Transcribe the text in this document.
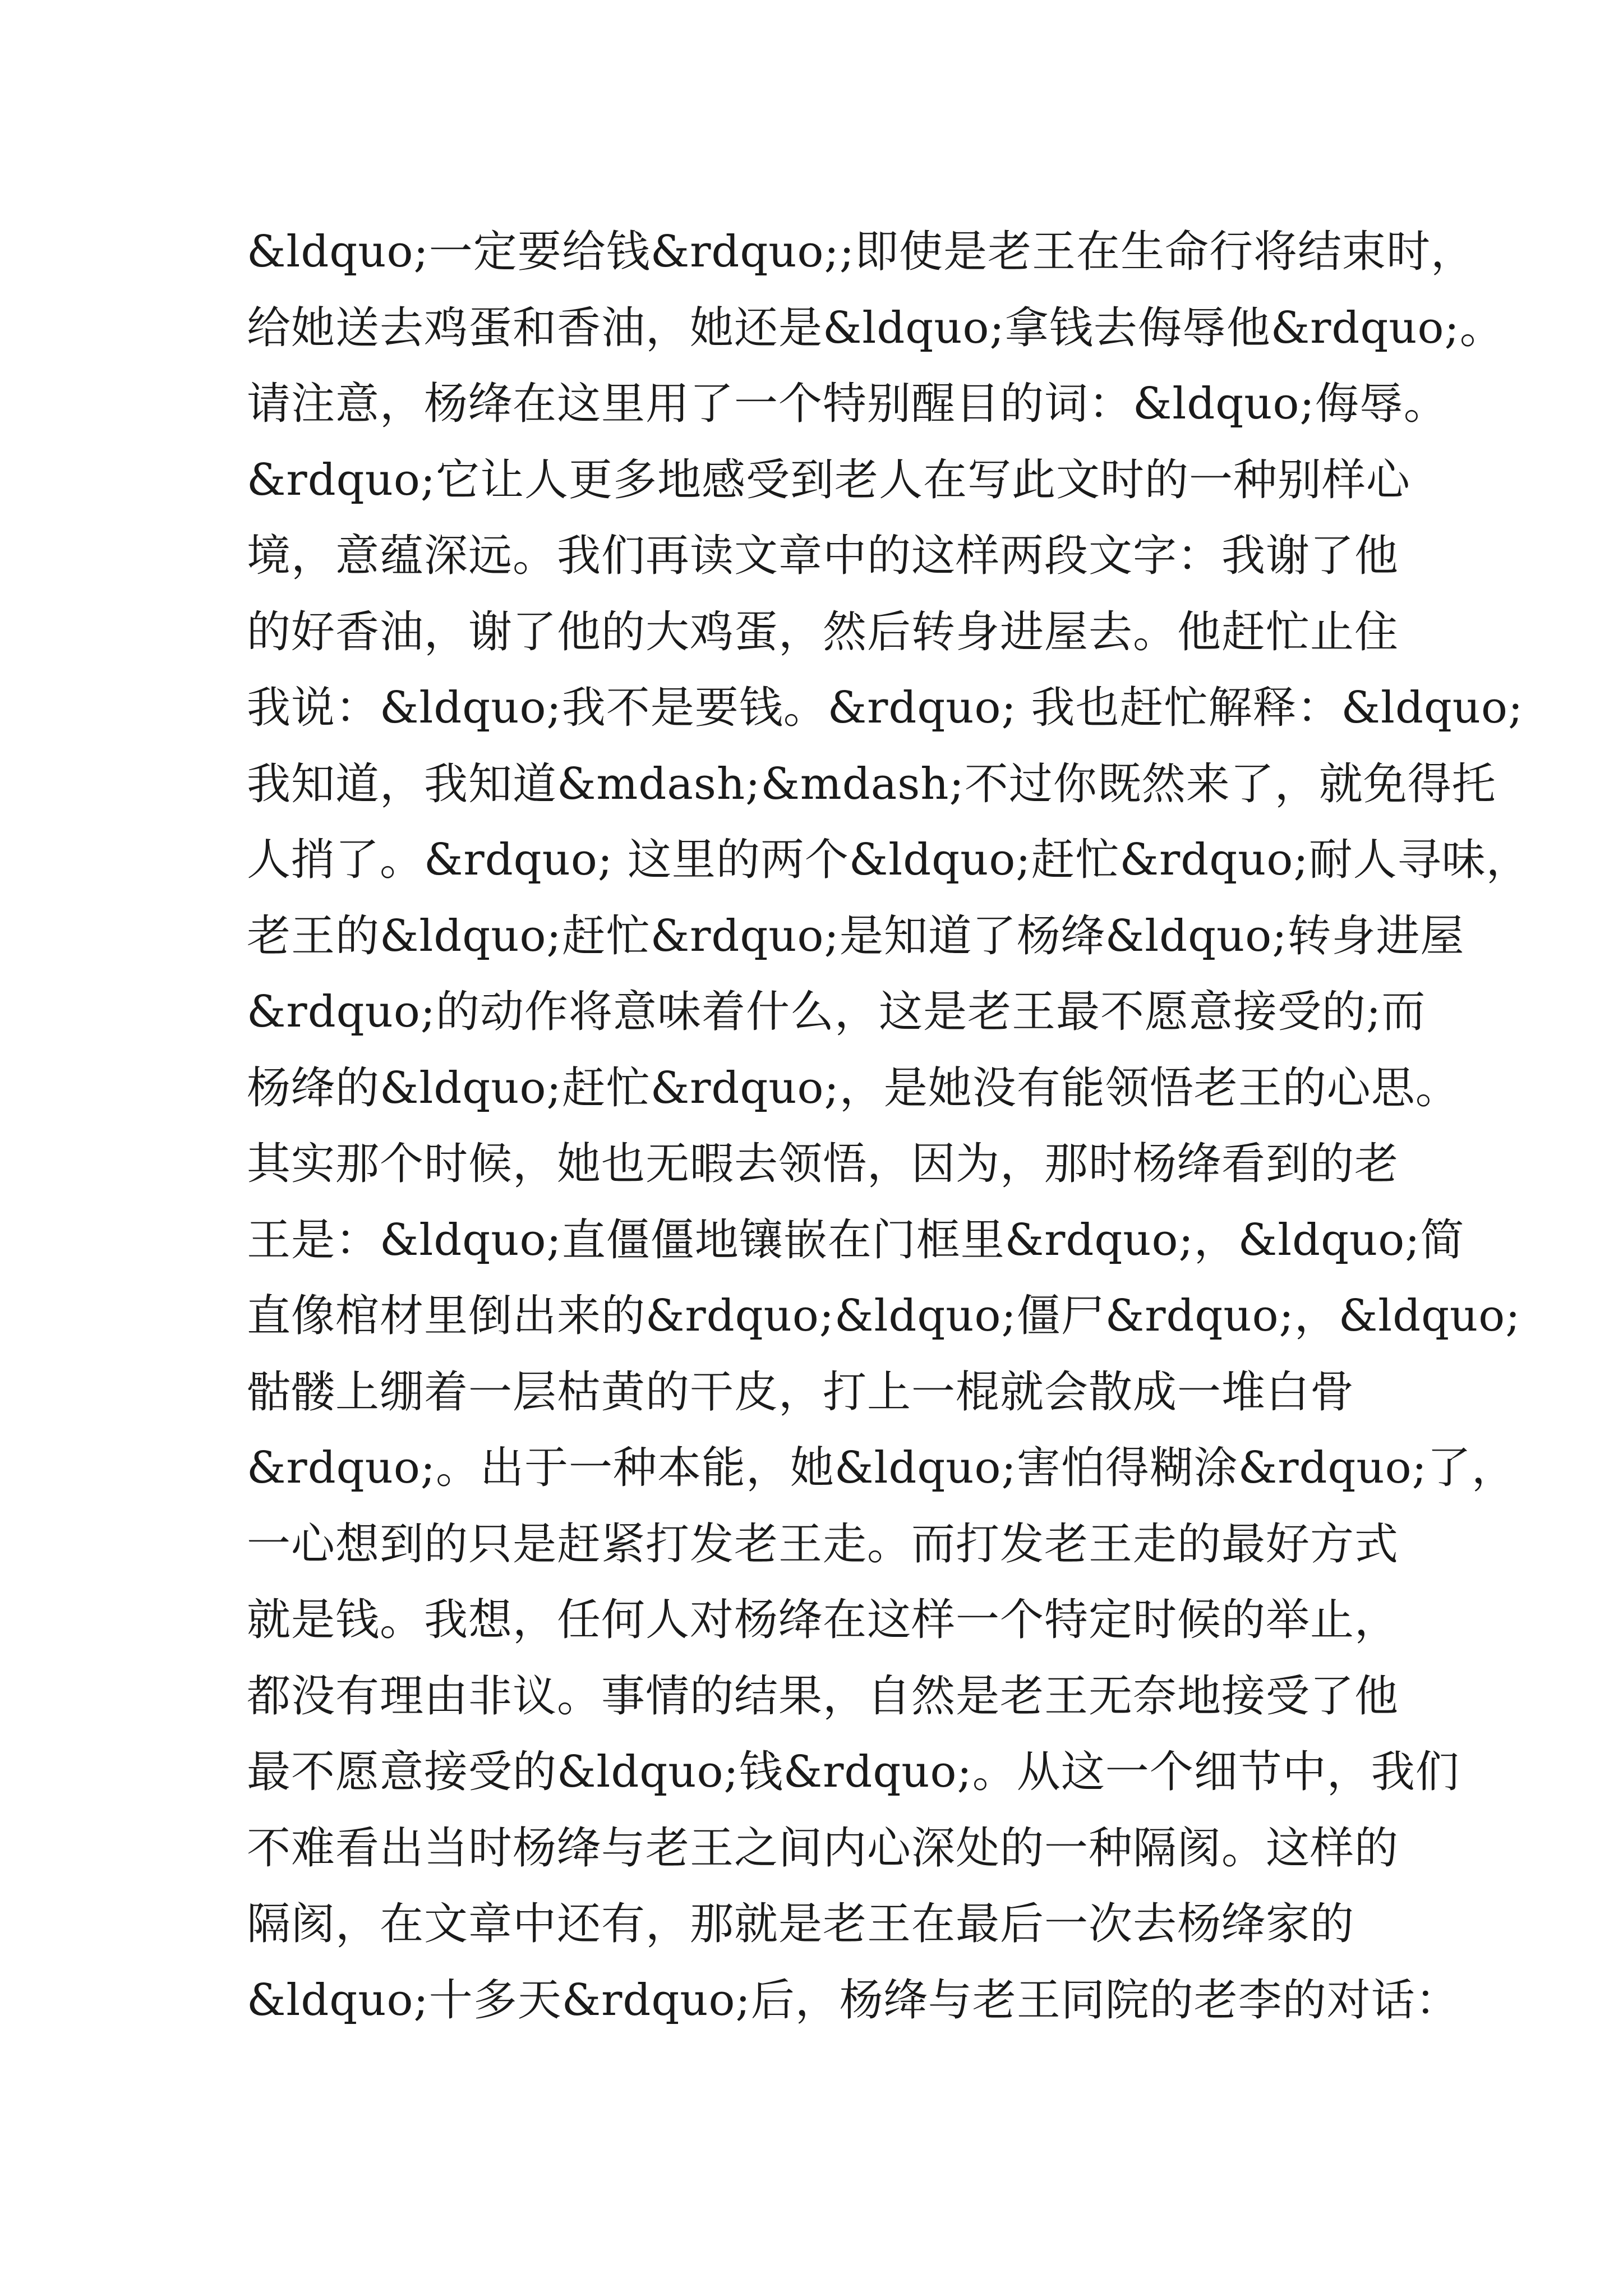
&ldquo;一定要给钱&rdquo;;即使是老王在生命行将结束时，
给她送去鸡蛋和香油，她还是&ldquo;拿钱去侮辱他&rdquo;。
请注意，杨绛在这里用了一个特别醒目的词：&ldquo;侮辱。
&rdquo;它让人更多地感受到老人在写此文时的一种别样心
境，意蕴深远。我们再读文章中的这样两段文字：我谢了他
的好香油，谢了他的大鸡蛋，然后转身进屋去。他赶忙止住
我说：&ldquo;我不是要钱。&rdquo; 我也赶忙解释：&ldquo;
我知道，我知道&mdash;&mdash;不过你既然来了，就免得托
人捎了。&rdquo; 这里的两个&ldquo;赶忙&rdquo;耐人寻味，
老王的&ldquo;赶忙&rdquo;是知道了杨绛&ldquo;转身进屋
&rdquo;的动作将意味着什么，这是老王最不愿意接受的;而
杨绛的&ldquo;赶忙&rdquo;，是她没有能领悟老王的心思。
其实那个时候，她也无暇去领悟，因为，那时杨绛看到的老
王是：&ldquo;直僵僵地镶嵌在门框里&rdquo;，&ldquo;简
直像棺材里倒出来的&rdquo;&ldquo;僵尸&rdquo;，&ldquo;
骷髅上绷着一层枯黄的干皮，打上一棍就会散成一堆白骨
&rdquo;。出于一种本能，她&ldquo;害怕得糊涂&rdquo;了，
一心想到的只是赶紧打发老王走。而打发老王走的最好方式
就是钱。我想，任何人对杨绛在这样一个特定时候的举止，
都没有理由非议。事情的结果，自然是老王无奈地接受了他
最不愿意接受的&ldquo;钱&rdquo;。从这一个细节中，我们
不难看出当时杨绛与老王之间内心深处的一种隔阂。这样的
隔阂，在文章中还有，那就是老王在最后一次去杨绛家的
&ldquo;十多天&rdquo;后，杨绛与老王同院的老李的对话：
